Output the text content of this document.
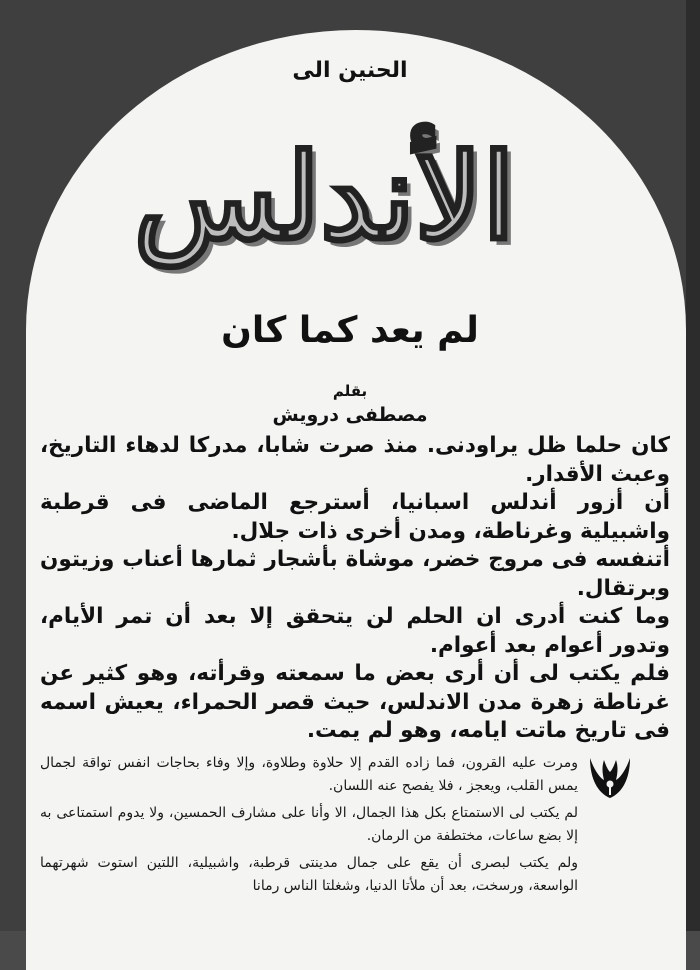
الحنين الى
الأندلس
لم يعد كما كان
بقلم
مصطفى درويش

كان حلما ظل يراودنى. منذ صرت شابا، مدركا لدهاء التاريخ، وعبث الأقدار.

أن أزور أندلس اسبانيا، أسترجع الماضى فى قرطبة واشبيلية وغرناطة، ومدن أخرى ذات جلال.

أتنفسه فى مروج خضر، موشاة بأشجار ثمارها أعناب وزيتون وبرتقال.

وما كنت أدرى ان الحلم لن يتحقق إلا بعد أن تمر الأيام، وتدور أعوام بعد أعوام.

فلم يكتب لى أن أرى بعض ما سمعته وقرأته، وهو كثير عن غرناطة زهرة مدن الاندلس، حيث قصر الحمراء، يعيش اسمه فى تاريخ ماتت ايامه، وهو لم يمت.

ومرت عليه القرون، فما زاده القدم إلا حلاوة وطلاوة، وإلا وفاء بحاجات انفس تواقة لجمال يمس القلب، ويعجز ، فلا يفصح عنه اللسان.

لم يكتب لى الاستمتاع بكل هذا الجمال، الا وأنا على مشارف الحمسين، ولا يدوم استمتاعى به إلا بضع ساعات، مختطفة من الرمان.

ولم يكتب لبصرى أن يقع على جمال مدينتى قرطبة، واشبيلية، اللتين استوت شهرتهما الواسعة، ورسخت، بعد أن ملأتا الدنيا، وشغلتا الناس رمانا
